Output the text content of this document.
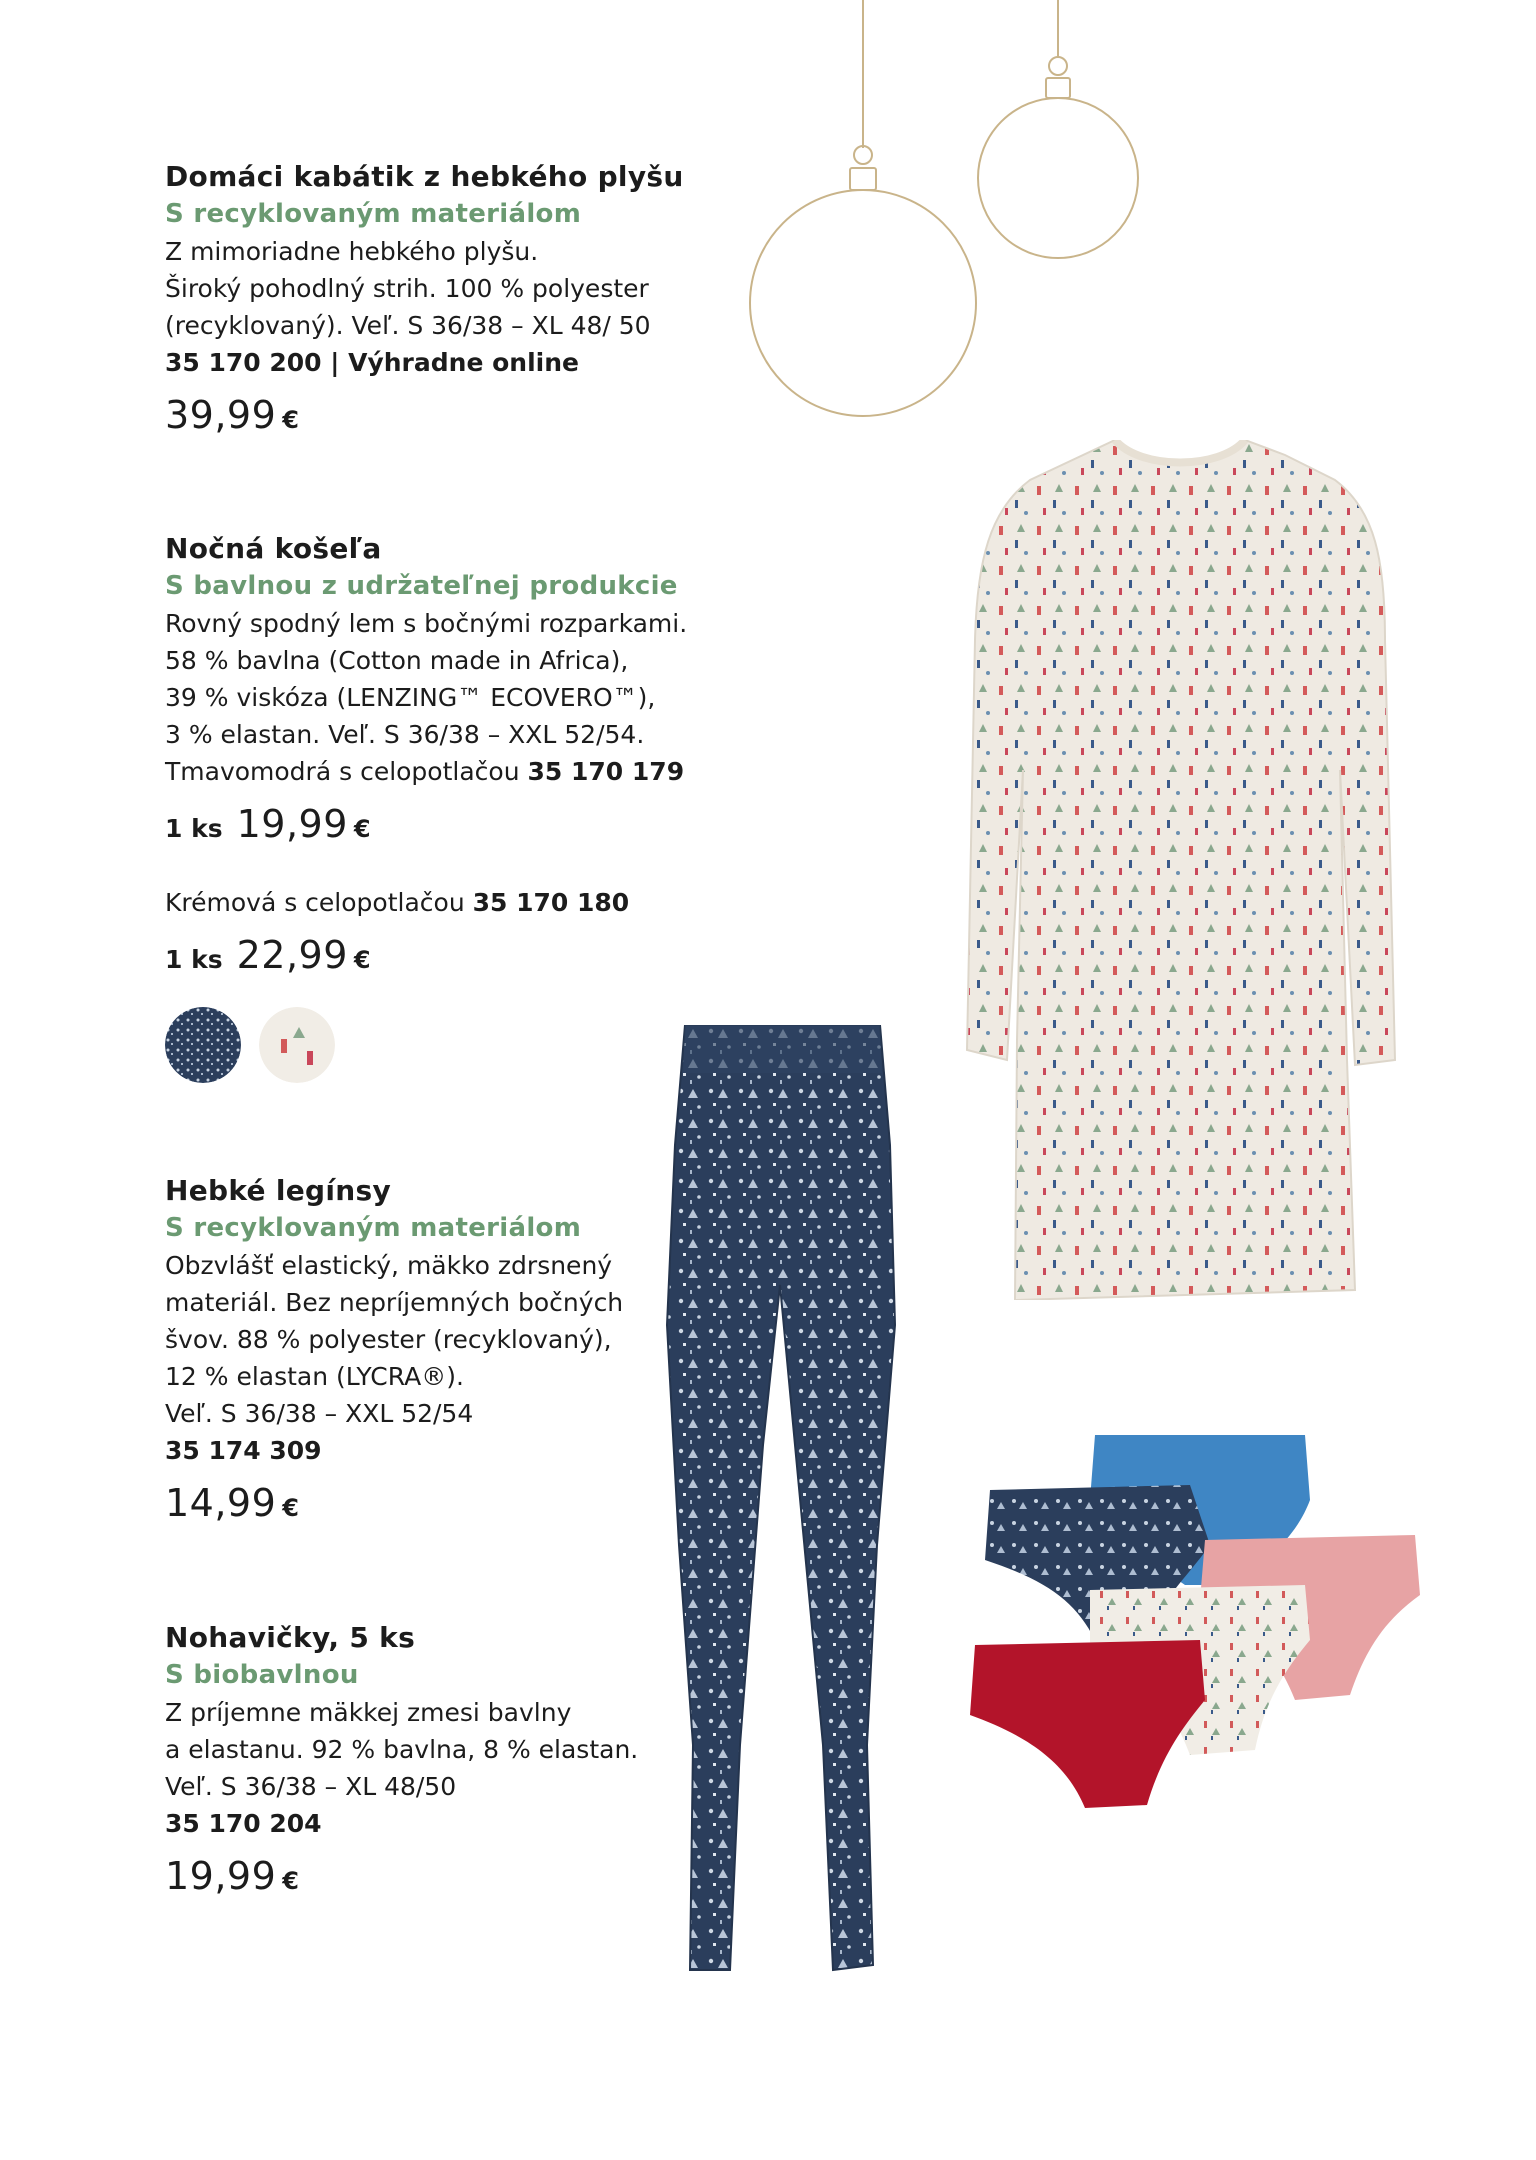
Domáci kabátik z hebkého plyšu
S recyklovaným materiálom
Z mimoriadne hebkého plyšu.
Široký pohodlný strih. 100 % polyester
(recyklovaný). Veľ. S 36/38 – XL 48/ 50
35 170 200 | Výhradne online
39,99 €
Nočná košeľa
S bavlnou z udržateľnej produkcie
Rovný spodný lem s bočnými rozparkami.
58 % bavlna (Cotton made in Africa),
39 % viskóza (LENZING™ ECOVERO™),
3 % elastan. Veľ. S 36/38 – XXL 52/54.
Tmavomodrá s celopotlačou 35 170 179
1 ks 19,99 €
Krémová s celopotlačou 35 170 180
1 ks 22,99 €
Hebké legínsy
S recyklovaným materiálom
Obzvlášť elastický, mäkko zdrsnený
materiál. Bez nepríjemných bočných
švov. 88 % polyester (recyklovaný),
12 % elastan (LYCRA®).
Veľ. S 36/38 – XXL 52/54
35 174 309
14,99 €
Nohavičky, 5 ks
S biobavlnou
Z príjemne mäkkej zmesi bavlny
a elastanu. 92 % bavlna, 8 % elastan.
Veľ. S 36/38 – XL 48/50
35 170 204
19,99 €
